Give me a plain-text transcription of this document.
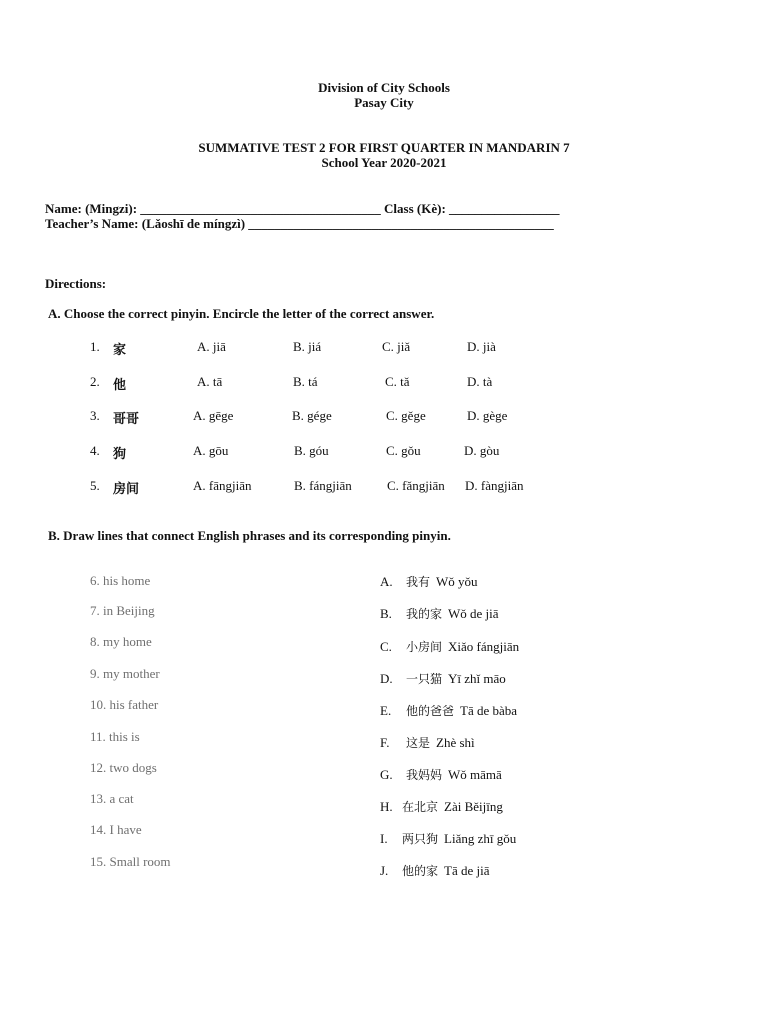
Division of City Schools
Pasay City
SUMMATIVE TEST 2 FOR FIRST QUARTER IN MANDARIN 7
School Year 2020-2021
Name: (Mingzi): _____________________________________ Class (Kè): _________________
Teacher’s Name: (Lǎoshī de míngzì) _______________________________________________
Directions:
A. Choose the correct pinyin. Encircle the letter of the correct answer.
1. 家	A. jiā	B. jiá	C. jiǎ	D. jià
2. 他	A. tā	B. tá	C. tǎ	D. tà
3. 哥哥	A. gēge	B. gége	C. gěge	D. gège
4. 狗	A. gōu	B. góu	C. gǒu	D. gòu
5. 房间	A. fāngjiān	B. fángjiān	C. fǎngjiān D. fàngjiān
B. Draw lines that connect English phrases and its corresponding pinyin.
6. his home
7. in Beijing
8. my home
9. my mother
10. his father
11. this is
12. two dogs
13. a cat
14. I have
15. Small room
A. 我有 Wǒ yǒu
B. 我的家 Wǒ de jiā
C. 小房间 Xiǎo fángjiān
D. 一只猫 Yī zhǐ māo
E. 他的爸爸 Tā de bàba
F. 这是 Zhè shì
G. 我妈妈 Wǒ māmā
H. 在北京 Zài Běijīng
I. 两只狗 Liǎng zhī gǒu
J. 他的家 Tā de jiā
